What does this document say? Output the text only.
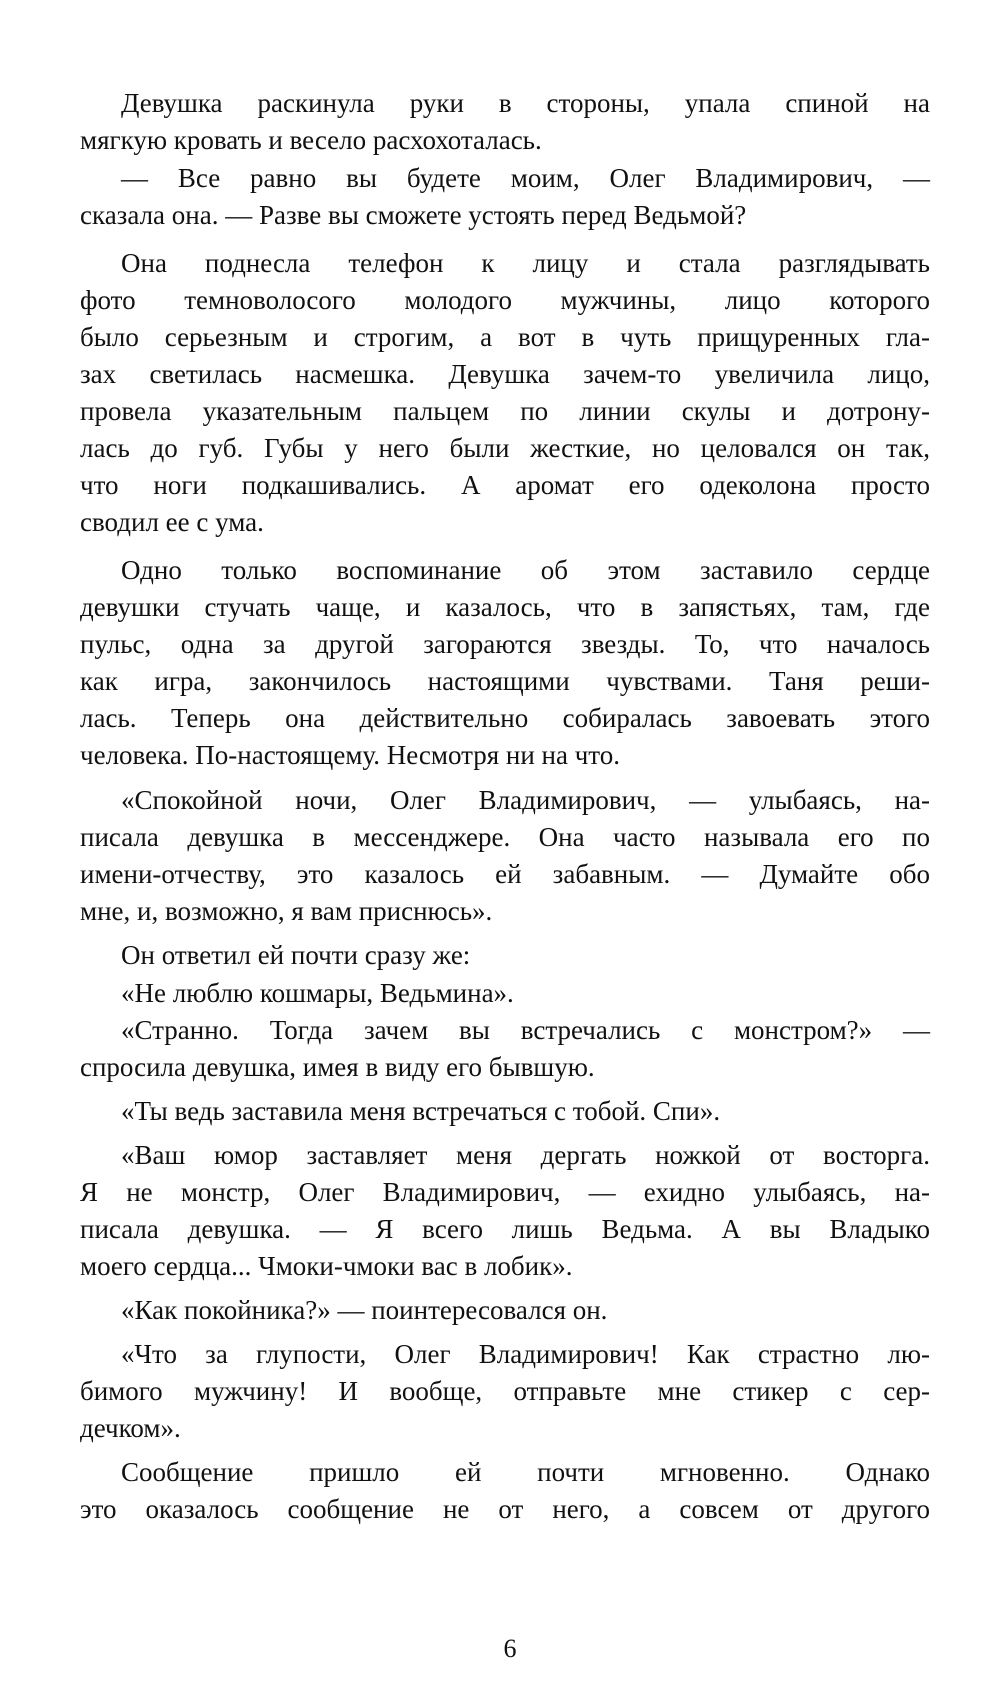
Девушка раскинула руки в стороны, упала спиной на
мягкую кровать и весело расхохоталась.
— Все равно вы будете моим, Олег Владимирович, —
сказала она. — Разве вы сможете устоять перед Ведьмой?
Она поднесла телефон к лицу и стала разглядывать
фото темноволосого молодого мужчины, лицо которого
было серьезным и строгим, а вот в чуть прищуренных гла-
зах светилась насмешка. Девушка зачем-то увеличила лицо,
провела указательным пальцем по линии скулы и дотрону-
лась до губ. Губы у него были жесткие, но целовался он так,
что ноги подкашивались. А аромат его одеколона просто
сводил ее с ума.
Одно только воспоминание об этом заставило сердце
девушки стучать чаще, и казалось, что в запястьях, там, где
пульс, одна за другой загораются звезды. То, что началось
как игра, закончилось настоящими чувствами. Таня реши-
лась. Теперь она действительно собиралась завоевать этого
человека. По-настоящему. Несмотря ни на что.
«Спокойной ночи, Олег Владимирович, — улыбаясь, на-
писала девушка в мессенджере. Она часто называла его по
имени-отчеству, это казалось ей забавным. — Думайте обо
мне, и, возможно, я вам приснюсь».
Он ответил ей почти сразу же:
«Не люблю кошмары, Ведьмина».
«Странно. Тогда зачем вы встречались с монстром?» —
спросила девушка, имея в виду его бывшую.
«Ты ведь заставила меня встречаться с тобой. Спи».
«Ваш юмор заставляет меня дергать ножкой от восторга.
Я не монстр, Олег Владимирович, — ехидно улыбаясь, на-
писала девушка. — Я всего лишь Ведьма. А вы Владыко
моего сердца... Чмоки-чмоки вас в лобик».
«Как покойника?» — поинтересовался он.
«Что за глупости, Олег Владимирович! Как страстно лю-
бимого мужчину! И вообще, отправьте мне стикер с сер-
дечком».
Сообщение пришло ей почти мгновенно. Однако
это оказалось сообщение не от него, а совсем от другого
6
